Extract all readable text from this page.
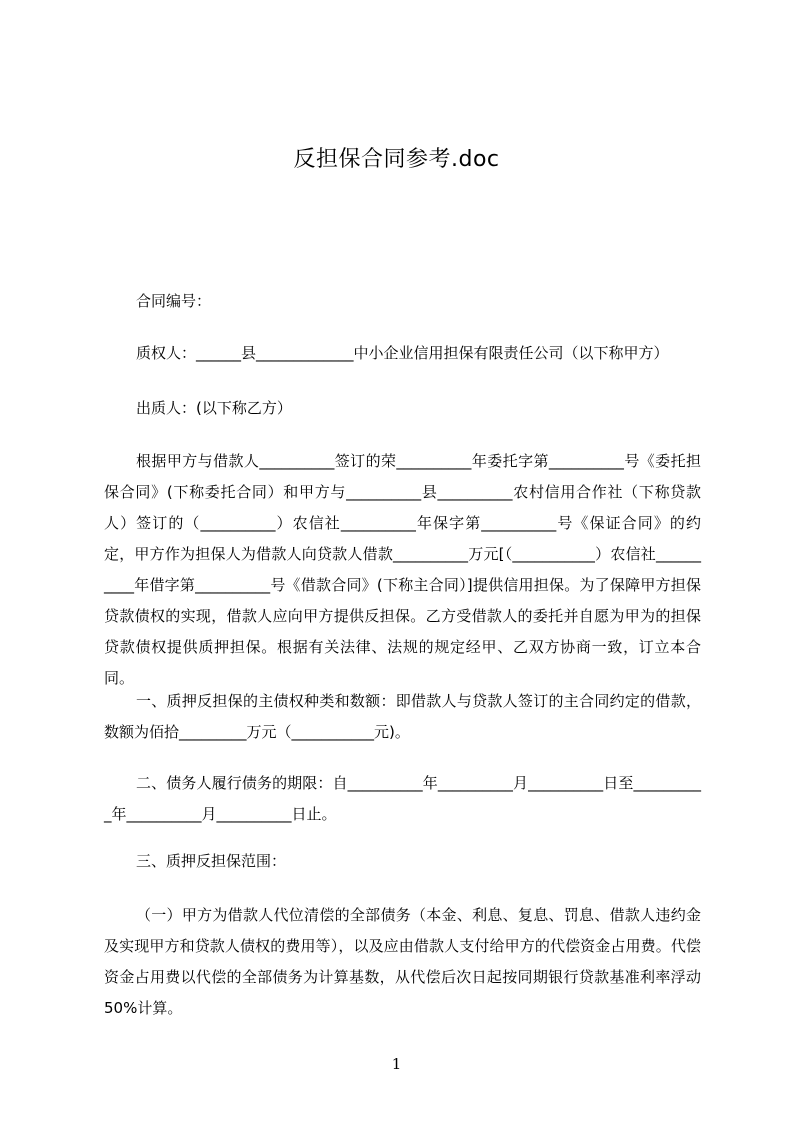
反担保合同参考.doc
合同编号：
质权人：______县_____________中小企业信用担保有限责任公司（以下称甲方）
出质人：(以下称乙方）
根据甲方与借款人__________签订的荣__________年委托字第__________号《委托担保合同》(下称委托合同）和甲方与__________县__________农村信用合作社（下称贷款人）签订的（__________）农信社__________年保字第__________号《保证合同》的约定，甲方作为担保人为借款人向贷款人借款__________万元[（___________）农信社__________年借字第__________号《借款合同》(下称主合同）]提供信用担保。为了保障甲方担保贷款债权的实现，借款人应向甲方提供反担保。乙方受借款人的委托并自愿为甲为的担保贷款债权提供质押担保。根据有关法律、法规的规定经甲、乙双方协商一致，订立本合同。
一、质押反担保的主债权种类和数额：即借款人与贷款人签订的主合同约定的借款，数额为佰拾_________万元（___________元)。
二、债务人履行债务的期限：自__________年__________月__________日至__________年__________月__________日止。
三、质押反担保范围：
（一）甲方为借款人代位清偿的全部债务（本金、利息、复息、罚息、借款人违约金及实现甲方和贷款人债权的费用等），以及应由借款人支付给甲方的代偿资金占用费。代偿资金占用费以代偿的全部债务为计算基数，从代偿后次日起按同期银行贷款基准利率浮动 50%计算。
1
